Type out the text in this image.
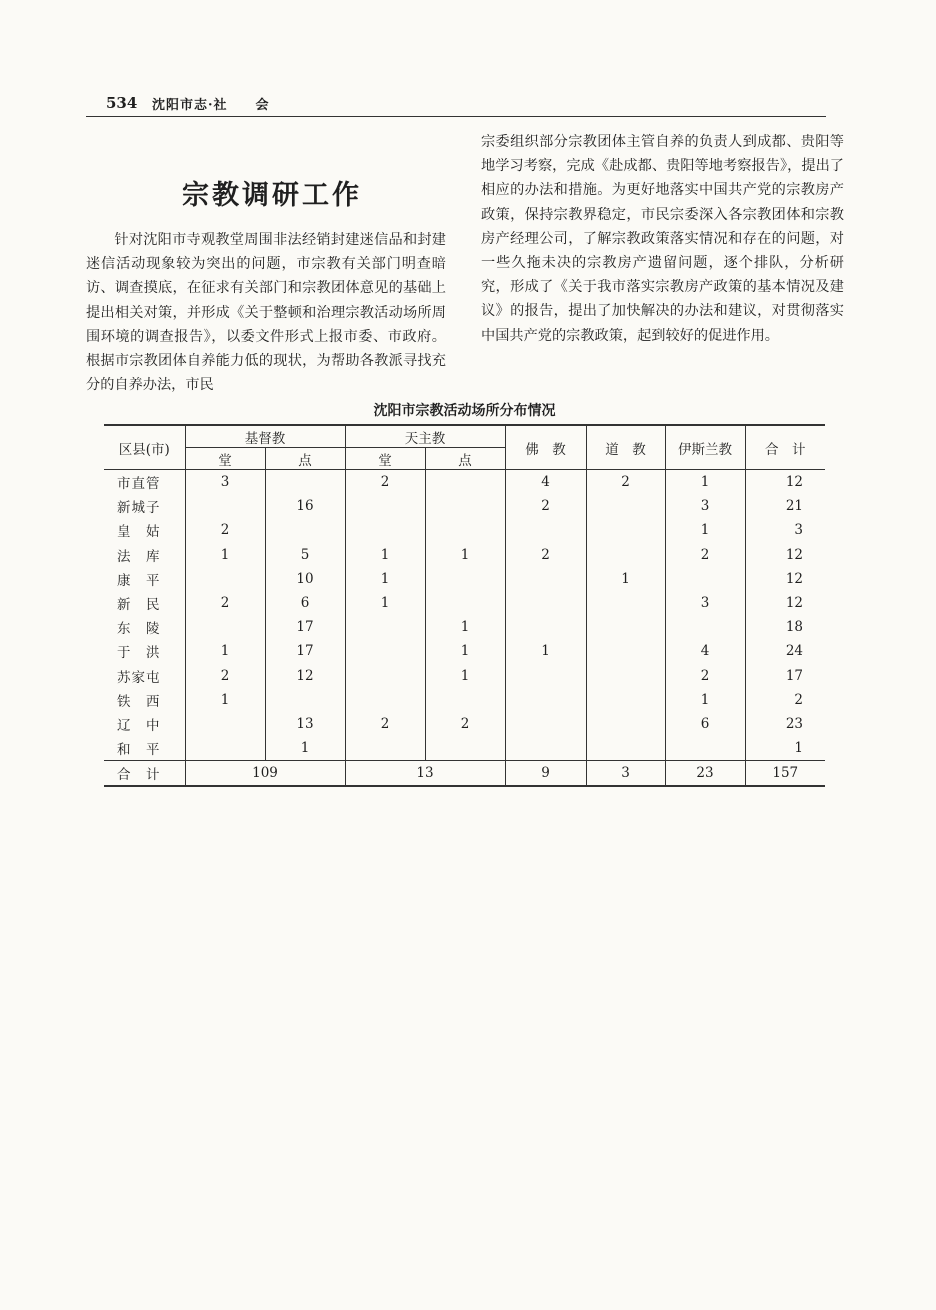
534 沈阳市志·社　　会
宗教调研工作

针对沈阳市寺观教堂周围非法经销封建迷信品和封建迷信活动现象较为突出的问题，市宗教有关部门明查暗访、调查摸底，在征求有关部门和宗教团体意见的基础上提出相关对策，并形成《关于整顿和治理宗教活动场所周围环境的调查报告》，以委文件形式上报市委、市政府。根据市宗教团体自养能力低的现状，为帮助各教派寻找充分的自养办法，市民

宗委组织部分宗教团体主管自养的负责人到成都、贵阳等地学习考察，完成《赴成都、贵阳等地考察报告》，提出了相应的办法和措施。为更好地落实中国共产党的宗教房产政策，保持宗教界稳定，市民宗委深入各宗教团体和宗教房产经理公司，了解宗教政策落实情况和存在的问题，对一些久拖未决的宗教房产遗留问题，逐个排队，分析研究，形成了《关于我市落实宗教房产政策的基本情况及建议》的报告，提出了加快解决的办法和建议，对贯彻落实中国共产党的宗教政策，起到较好的促进作用。

沈阳市宗教活动场所分布情况
区县(市)	基督教		天主教		佛　教	道　教	伊斯兰教	合　计
	堂	点	堂	点				
市直管	3		2		4	2	1	12
新城子		16			2		3	21
皇　姑	2						1	3
法　库	1	5	1	1	2		2	12
康　平		10	1			1		12
新　民	2	6	1				3	12
东　陵		17		1				18
于　洪	1	17		1	1		4	24
苏家屯	2	12		1			2	17
铁　西	1						1	2
辽　中		13	2	2			6	23
和　平		1						1
合　计	109		13		9	3	23	157
